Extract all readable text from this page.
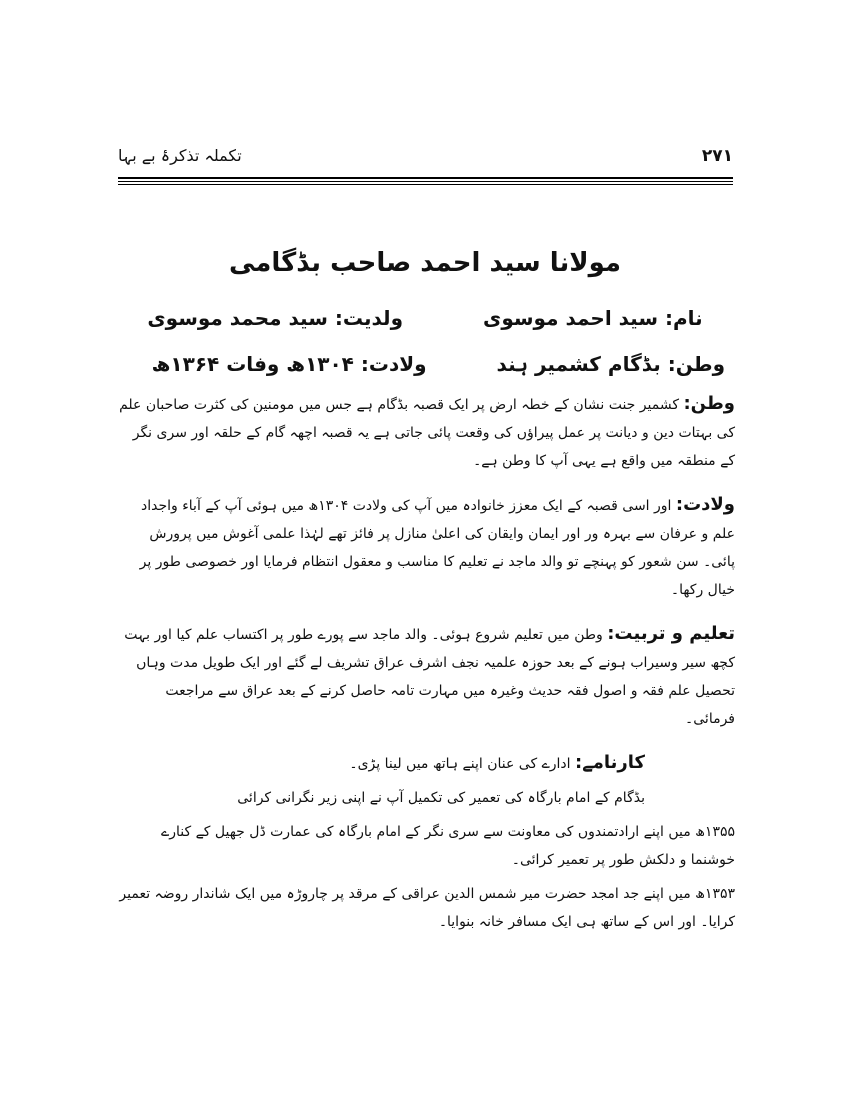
تکملہ تذکرۂ بے بہا	۲۷۱
مولانا سید احمد صاحب بڈگامی
نام: سید احمد موسوی
ولدیت: سید محمد موسوی
وطن: بڈگام کشمیر ہند
ولادت: ۱۳۰۴ھ وفات ۱۳۶۴ھ

وطن: کشمیر جنت نشان کے خطہ ارض پر ایک قصبہ بڈگام ہے جس میں مومنین کی کثرت صاحبان علم کی بہتات دین و دیانت پر عمل پیراؤں کی وقعت پائی جاتی ہے یہ قصبہ اچھہ گام کے حلقہ اور سری نگر کے منطقہ میں واقع ہے یہی آپ کا وطن ہے۔

ولادت: اور اسی قصبہ کے ایک معزز خانوادہ میں آپ کی ولادت ۱۳۰۴ھ میں ہوئی آپ کے آباء واجداد علم و عرفان سے بہرہ ور اور ایمان وایقان کی اعلیٰ منازل پر فائز تھے لہٰذا علمی آغوش میں پرورش پائی۔ سن شعور کو پہنچے تو والد ماجد نے تعلیم کا مناسب و معقول انتظام فرمایا اور خصوصی طور پر خیال رکھا۔

تعلیم و تربیت: وطن میں تعلیم شروع ہوئی۔ والد ماجد سے پورے طور پر اکتساب علم کیا اور بہت کچھ سیر وسیراب ہونے کے بعد حوزہ علمیہ نجف اشرف عراق تشریف لے گئے اور ایک طویل مدت وہاں تحصیل علم فقہ و اصول فقہ حدیث وغیرہ میں مہارت تامہ حاصل کرنے کے بعد عراق سے مراجعت فرمائی۔

کارنامے: ادارے کی عنان اپنے ہاتھ میں لینا پڑی۔
بڈگام کے امام بارگاہ کی تعمیر کی تکمیل آپ نے اپنی زیر نگرانی کرائی
۱۳۵۵ھ میں اپنے ارادتمندوں کی معاونت سے سری نگر کے امام بارگاہ کی عمارت ڈل جھیل کے کنارے خوشنما و دلکش طور پر تعمیر کرائی۔
۱۳۵۳ھ میں اپنے جد امجد حضرت میر شمس الدین عراقی کے مرقد پر چاروڑہ میں ایک شاندار روضہ تعمیر کرایا۔ اور اس کے ساتھ ہی ایک مسافر خانہ بنوایا۔
